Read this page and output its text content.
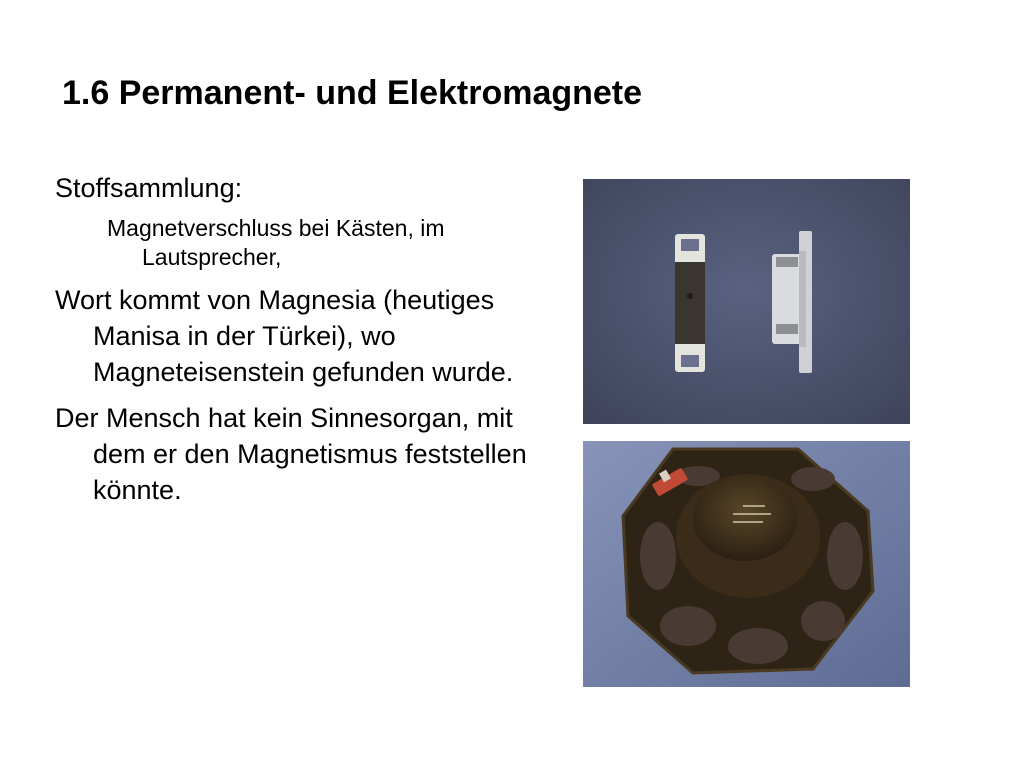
1.6 Permanent- und Elektromagnete

Stoffsammlung:

Magnetverschluss bei Kästen, im Lautsprecher,

Wort kommt von Magnesia (heutiges Manisa in der Türkei), wo Magneteisenstein gefunden wurde.

Der Mensch hat kein Sinnesorgan, mit dem er den Magnetismus feststellen könnte.
